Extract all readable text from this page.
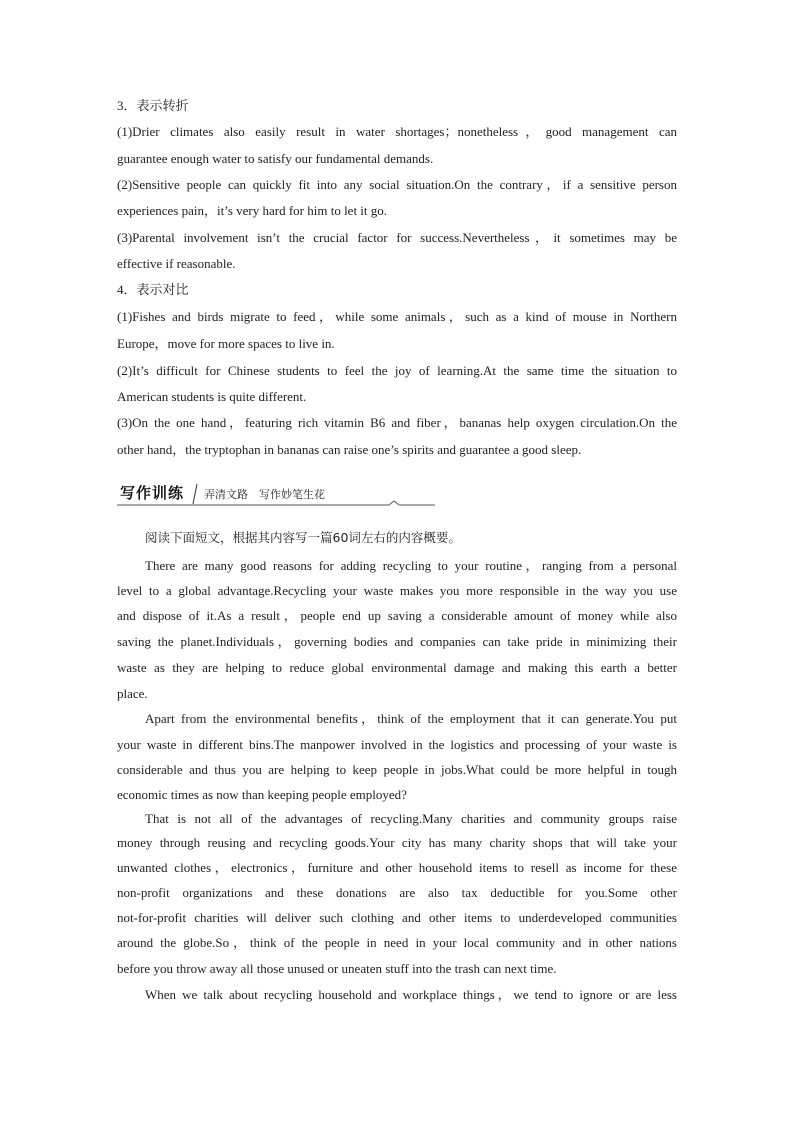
3．表示转折
(1)Drier climates also easily result in water shortages；nonetheless，good management can
guarantee enough water to satisfy our fundamental demands.
(2)Sensitive people can quickly fit into any social situation.On the contrary，if a sensitive person
experiences pain，it’s very hard for him to let it go.
(3)Parental involvement isn’t the crucial factor for success.Nevertheless，it sometimes may be
effective if reasonable.
4．表示对比
(1)Fishes and birds migrate to feed，while some animals，such as a kind of mouse in Northern
Europe，move for more spaces to live in.
(2)It’s difficult for Chinese students to feel the joy of learning.At the same time the situation to
American students is quite different.
(3)On the one hand，featuring rich vitamin B6 and fiber，bananas help oxygen circulation.On the
other hand，the tryptophan in bananas can raise one’s spirits and guarantee a good sleep.
写作训练 弄清文路　写作妙笔生花
阅读下面短文，根据其内容写一篇60词左右的内容概要。
There are many good reasons for adding recycling to your routine，ranging from a personal
level to a global advantage.Recycling your waste makes you more responsible in the way you use
and dispose of it.As a result，people end up saving a considerable amount of money while also
saving the planet.Individuals，governing bodies and companies can take pride in minimizing their
waste as they are helping to reduce global environmental damage and making this earth a better
place.
Apart from the environmental benefits，think of the employment that it can generate.You put
your waste in different bins.The manpower involved in the logistics and processing of your waste is
considerable and thus you are helping to keep people in jobs.What could be more helpful in tough
economic times as now than keeping people employed?
That is not all of the advantages of recycling.Many charities and community groups raise
money through reusing and recycling goods.Your city has many charity shops that will take your
unwanted clothes，electronics，furniture and other household items to resell as income for these
non-profit organizations and these donations are also tax deductible for you.Some other
not-for-profit charities will deliver such clothing and other items to underdeveloped communities
around the globe.So，think of the people in need in your local community and in other nations
before you throw away all those unused or uneaten stuff into the trash can next time.
When we talk about recycling household and workplace things，we tend to ignore or are less
